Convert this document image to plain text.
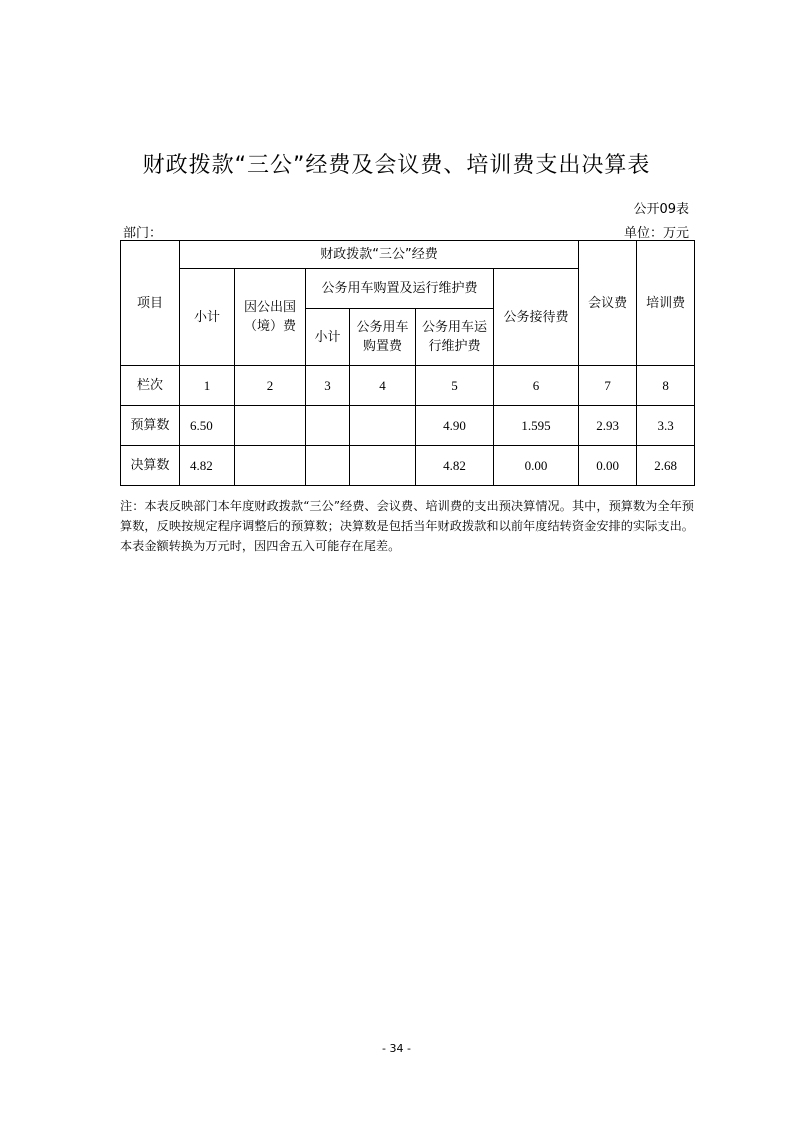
财政拨款“三公”经费及会议费、培训费支出决算表
公开09表
部门：	单位：万元
项目	财政拨款“三公”经费						会议费	培训费
	小计	因公出国（境）费	公务用车购置及运行维护费			公务接待费		
			小计	公务用车购置费	公务用车运行维护费			
栏次	1	2	3	4	5	6	7	8
预算数	6.50				4.90	1.595	2.93	3.3
决算数	4.82				4.82	0.00	0.00	2.68
注：本表反映部门本年度财政拨款“三公”经费、会议费、培训费的支出预决算情况。其中，预算数为全年预算数，反映按规定程序调整后的预算数；决算数是包括当年财政拨款和以前年度结转资金安排的实际支出。本表金额转换为万元时，因四舍五入可能存在尾差。
- 34 -
